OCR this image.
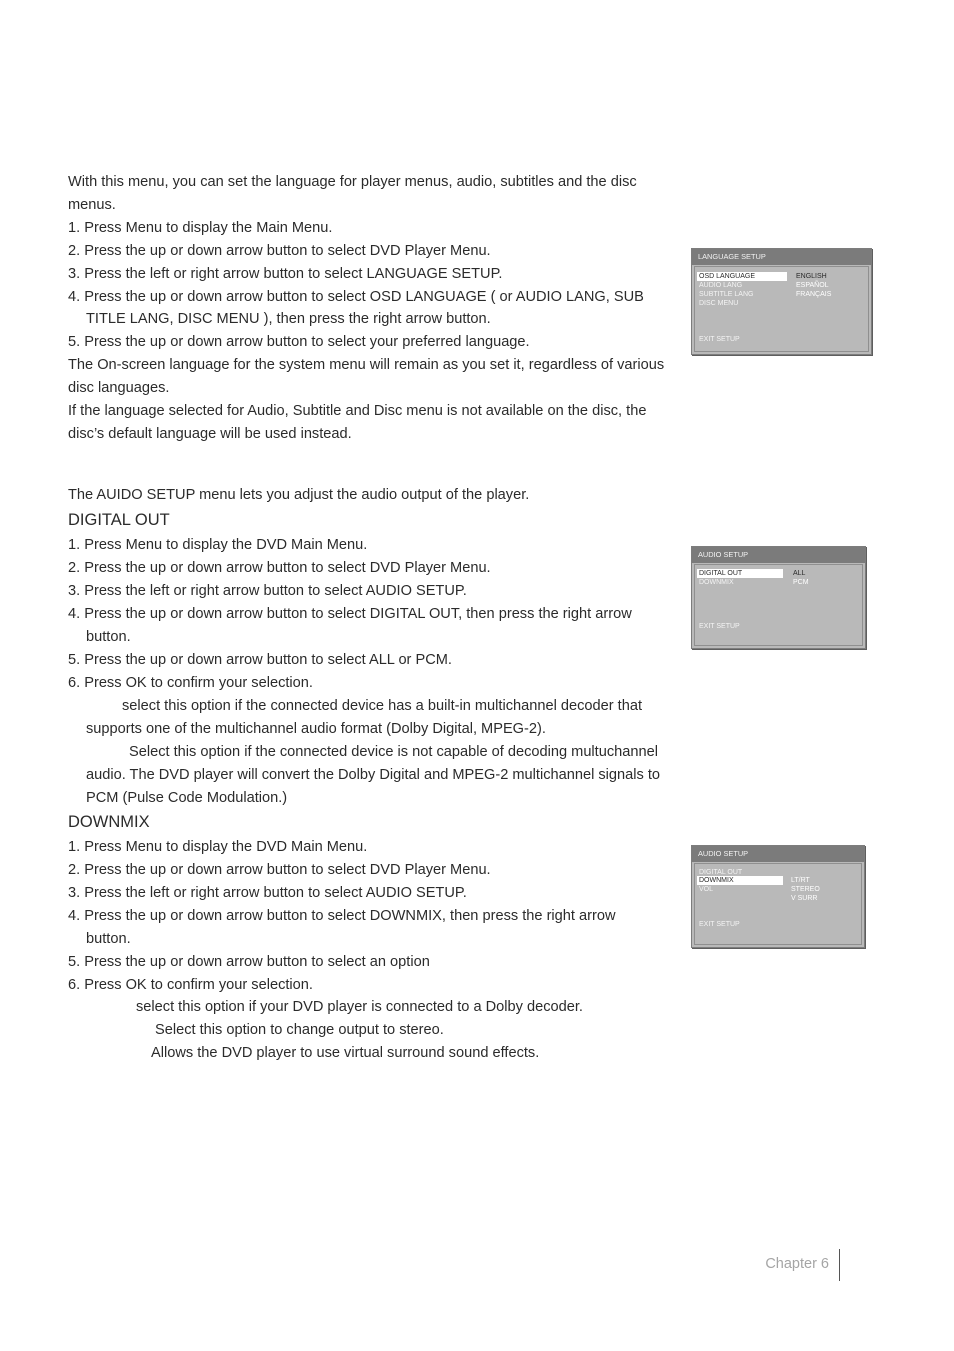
With this menu, you can set the language for player menus, audio, subtitles and the disc
menus.
1. Press Menu to display the Main Menu.
2. Press the up or down arrow button to select DVD Player Menu.
3. Press the left or right arrow button to select LANGUAGE SETUP.
4. Press the up or down arrow button to select OSD LANGUAGE ( or AUDIO LANG, SUB
TITLE LANG, DISC MENU ), then press the right arrow button.
5. Press the up or down arrow button to select your preferred language.
The On-screen language for the system menu will remain as you set it, regardless of various
disc languages.
If the language selected for Audio, Subtitle and Disc menu is not available on the disc, the
disc’s default language will be used instead.
LANGUAGE SETUP
OSD LANGUAGE
AUDIO LANG
SUBTITLE LANG
DISC MENU
ENGLISH
ESPAÑOL
FRANÇAIS
EXIT SETUP
The AUIDO SETUP menu lets you adjust the audio output of the player.
DIGITAL OUT
1. Press Menu to display the DVD Main Menu.
2. Press the up or down arrow button to select DVD Player Menu.
3. Press the left or right arrow button to select AUDIO SETUP.
4. Press the up or down arrow button to select DIGITAL OUT, then press the right arrow
button.
5. Press the up or down arrow button to select ALL or PCM.
6. Press OK to confirm your selection.
select this option if the connected device has a built-in multichannel decoder that
supports one of the multichannel audio format (Dolby Digital, MPEG-2).
Select this option if the connected device is not capable of decoding multuchannel
audio. The DVD player will convert the Dolby Digital and MPEG-2 multichannel signals to
PCM (Pulse Code Modulation.)
AUDIO SETUP
DIGITAL OUT
DOWNMIX
ALL
PCM
EXIT SETUP
DOWNMIX
1. Press Menu to display the DVD Main Menu.
2. Press the up or down arrow button to select DVD Player Menu.
3. Press the left or right arrow button to select AUDIO SETUP.
4. Press the up or down arrow button to select DOWNMIX, then press the right arrow
button.
5. Press the up or down arrow button to select an option
6. Press OK to confirm your selection.
select this option if your DVD player is connected to a Dolby decoder.
Select this option to change output to stereo.
Allows the DVD player to use virtual surround sound effects.
AUDIO SETUP
DIGITAL OUT
DOWNMIX
VOL
LT/RT
STEREO
V SURR
EXIT SETUP
Chapter 6
